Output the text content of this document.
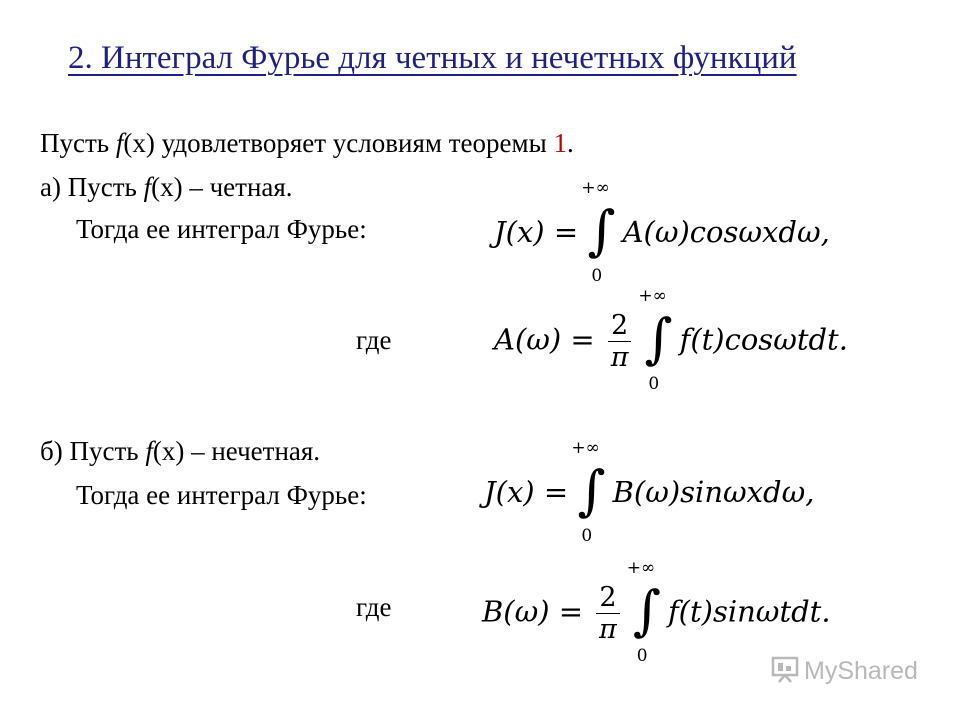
2. Интеграл Фурье для четных и нечетных функций
Пусть f(x) удовлетворяет условиям теоремы 1.
а) Пусть f(x) – четная.
Тогда ее интеграл Фурье:	J(x) = ∫
+∞
0
A(ω)cosωxdω,
где	$A(\omega) = \frac{2}{\pi}$
∫
+∞
0
f(t)cosωtdt.
б) Пусть f(x) – нечетная.
Тогда ее интеграл Фурье:	J(x) = ∫
+∞
0
B(ω)sinωxdω,
где	$B(\omega) = \frac{2}{\pi}$
∫
+∞
0
f(t)sinωtdt.
MyShared
